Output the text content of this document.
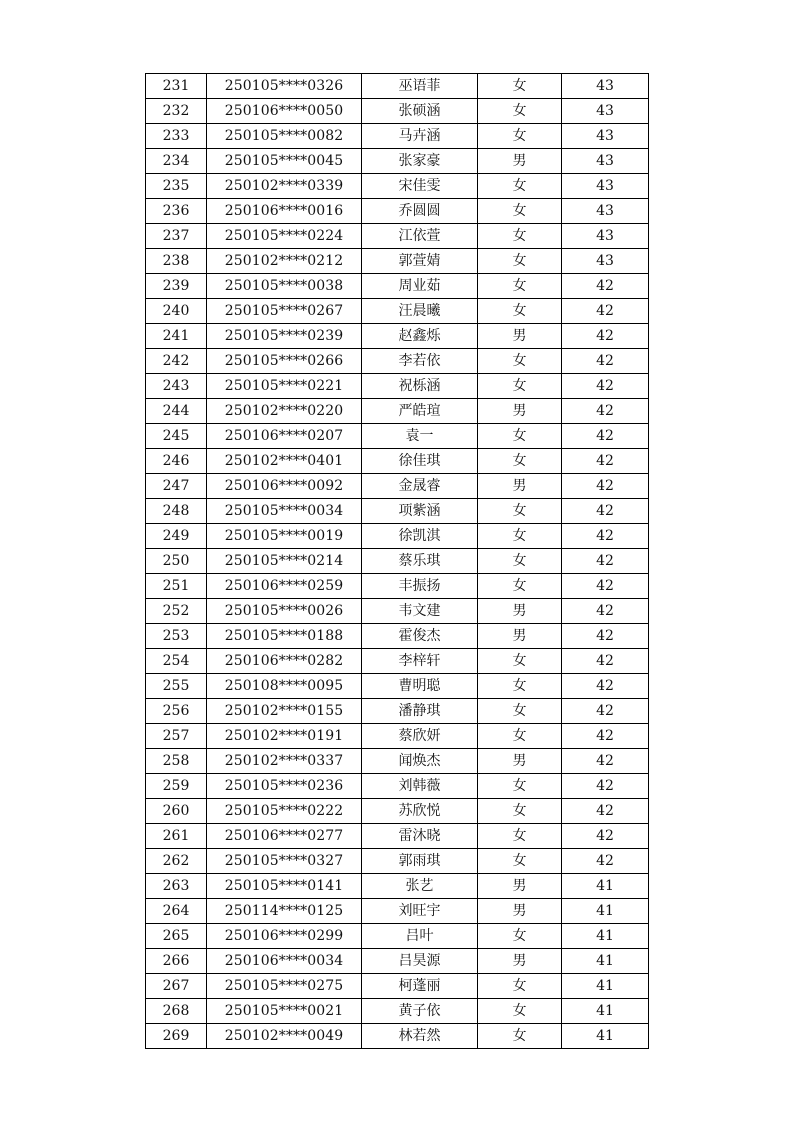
231	250105****0326	巫语菲	女	43
232	250106****0050	张硕涵	女	43
233	250105****0082	马卉涵	女	43
234	250105****0045	张家豪	男	43
235	250102****0339	宋佳雯	女	43
236	250106****0016	乔圆圆	女	43
237	250105****0224	江依萱	女	43
238	250102****0212	郭萱婧	女	43
239	250105****0038	周业茹	女	42
240	250105****0267	汪晨曦	女	42
241	250105****0239	赵鑫烁	男	42
242	250105****0266	李若依	女	42
243	250105****0221	祝栎涵	女	42
244	250102****0220	严皓瑄	男	42
245	250106****0207	袁一	女	42
246	250102****0401	徐佳琪	女	42
247	250106****0092	金晟睿	男	42
248	250105****0034	项紫涵	女	42
249	250105****0019	徐凯淇	女	42
250	250105****0214	蔡乐琪	女	42
251	250106****0259	丰振扬	女	42
252	250105****0026	韦文建	男	42
253	250105****0188	霍俊杰	男	42
254	250106****0282	李梓轩	女	42
255	250108****0095	曹明聪	女	42
256	250102****0155	潘静琪	女	42
257	250102****0191	蔡欣妍	女	42
258	250102****0337	闻焕杰	男	42
259	250105****0236	刘韩薇	女	42
260	250105****0222	苏欣悦	女	42
261	250106****0277	雷沐晓	女	42
262	250105****0327	郭雨琪	女	42
263	250105****0141	张艺	男	41
264	250114****0125	刘旺宇	男	41
265	250106****0299	吕叶	女	41
266	250106****0034	吕昊源	男	41
267	250105****0275	柯蓬丽	女	41
268	250105****0021	黄子依	女	41
269	250102****0049	林若然	女	41
